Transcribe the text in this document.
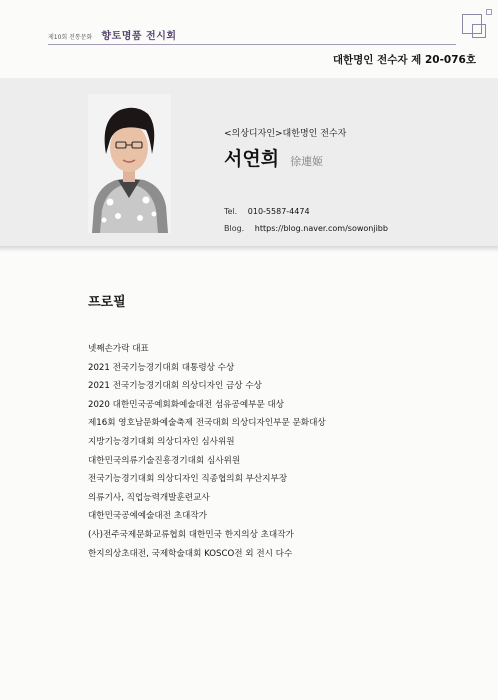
제10회 전통문화 향토명품 전시회
대한명인 전수자 제 20-076호
<의상디자인>대한명인 전수자
서연희 徐連姬
Tel. 010-5587-4474
Blog. https://blog.naver.com/sowonjibb
프로필
넷째손가락 대표
2021 전국기능경기대회 대통령상 수상
2021 전국기능경기대회 의상디자인 금상 수상
2020 대한민국공예회화예술대전 섬유공예부문 대상
제16회 영호남문화예술축제 전국대회 의상디자인부문 문화대상
지방기능경기대회 의상디자인 심사위원
대한민국의류기술진흥경기대회 심사위원
전국기능경기대회 의상디자인 직종협의회 부산지부장
의류기사, 직업능력개발훈련교사
대한민국공예예술대전 초대작가
(사)전주국제문화교류협회 대한민국 한지의상 초대작가
한지의상초대전, 국제학술대회 KOSCO전 외 전시 다수
